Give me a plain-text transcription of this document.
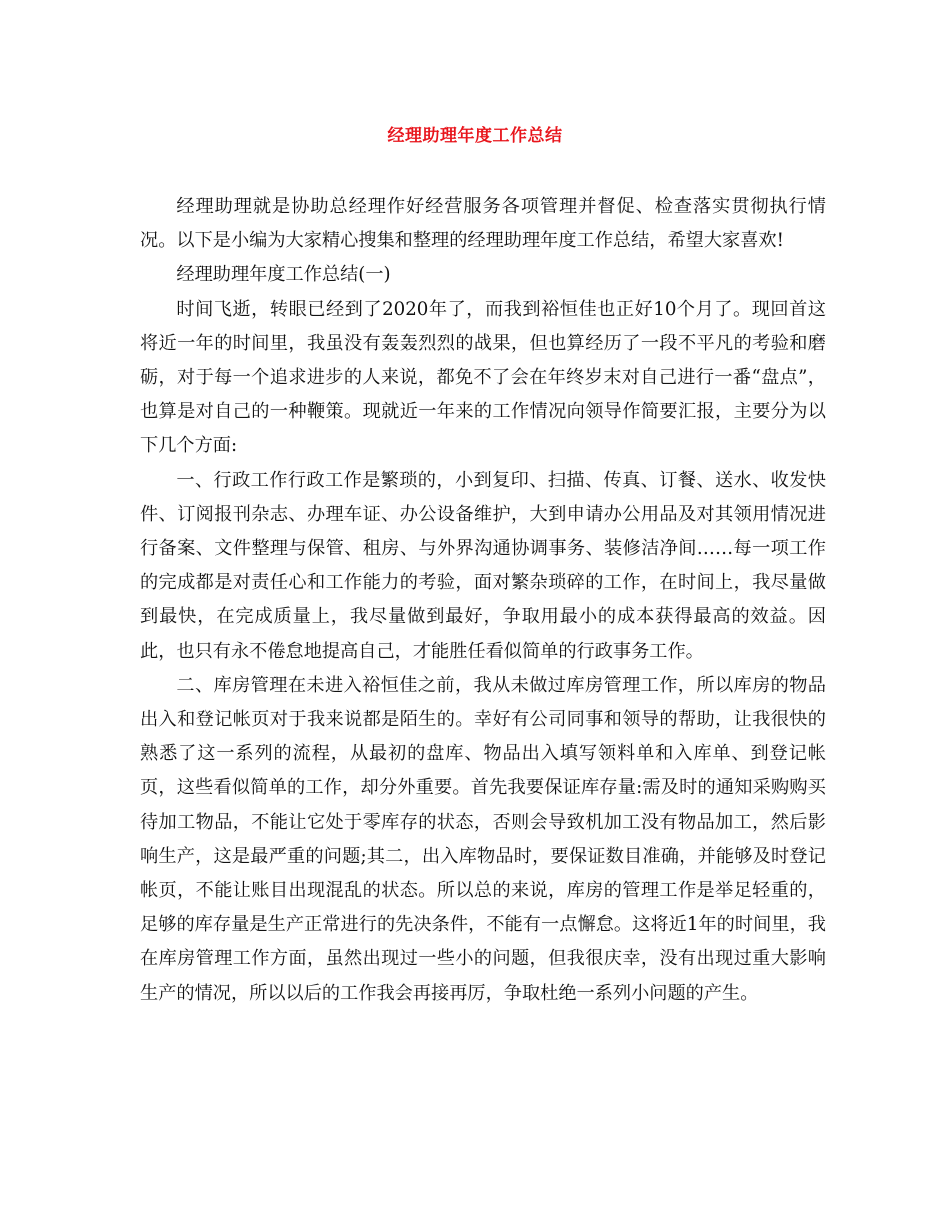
经理助理年度工作总结

经理助理就是协助总经理作好经营服务各项管理并督促、检查落实贯彻执行情况。以下是小编为大家精心搜集和整理的经理助理年度工作总结，希望大家喜欢!

经理助理年度工作总结(一)

时间飞逝，转眼已经到了2020年了，而我到裕恒佳也正好10个月了。现回首这将近一年的时间里，我虽没有轰轰烈烈的战果，但也算经历了一段不平凡的考验和磨砺，对于每一个追求进步的人来说，都免不了会在年终岁末对自己进行一番“盘点”，也算是对自己的一种鞭策。现就近一年来的工作情况向领导作简要汇报，主要分为以下几个方面:

一、行政工作行政工作是繁琐的，小到复印、扫描、传真、订餐、送水、收发快件、订阅报刊杂志、办理车证、办公设备维护，大到申请办公用品及对其领用情况进行备案、文件整理与保管、租房、与外界沟通协调事务、装修洁净间……每一项工作的完成都是对责任心和工作能力的考验，面对繁杂琐碎的工作，在时间上，我尽量做到最快，在完成质量上，我尽量做到最好，争取用最小的成本获得最高的效益。因此，也只有永不倦怠地提高自己，才能胜任看似简单的行政事务工作。

二、库房管理在未进入裕恒佳之前，我从未做过库房管理工作，所以库房的物品出入和登记帐页对于我来说都是陌生的。幸好有公司同事和领导的帮助，让我很快的熟悉了这一系列的流程，从最初的盘库、物品出入填写领料单和入库单、到登记帐页，这些看似简单的工作，却分外重要。首先我要保证库存量:需及时的通知采购购买待加工物品，不能让它处于零库存的状态，否则会导致机加工没有物品加工，然后影响生产，这是最严重的问题;其二，出入库物品时，要保证数目准确，并能够及时登记帐页，不能让账目出现混乱的状态。所以总的来说，库房的管理工作是举足轻重的，足够的库存量是生产正常进行的先决条件，不能有一点懈怠。这将近1年的时间里，我在库房管理工作方面，虽然出现过一些小的问题，但我很庆幸，没有出现过重大影响生产的情况，所以以后的工作我会再接再厉，争取杜绝一系列小问题的产生。
